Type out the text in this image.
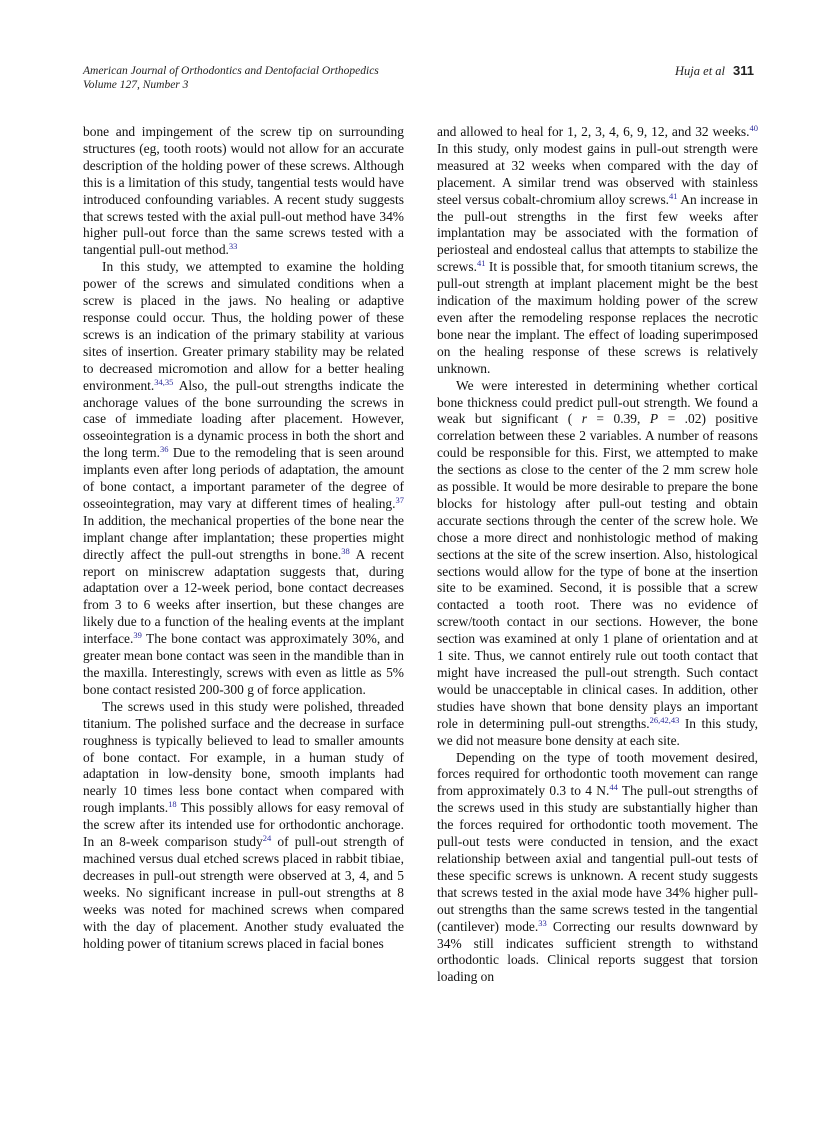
American Journal of Orthodontics and Dentofacial Orthopedics
Volume 127, Number 3
Huja et al 311

bone and impingement of the screw tip on surrounding structures (eg, tooth roots) would not allow for an accurate description of the holding power of these screws. Although this is a limitation of this study, tangential tests would have introduced confounding variables. A recent study suggests that screws tested with the axial pull-out method have 34% higher pull-out force than the same screws tested with a tangential pull-out method.$^{33}$

In this study, we attempted to examine the holding power of the screws and simulated conditions when a screw is placed in the jaws. No healing or adaptive response could occur. Thus, the holding power of these screws is an indication of the primary stability at various sites of insertion. Greater primary stability may be related to decreased micromotion and allow for a better healing environment.$^{34,35}$ Also, the pull-out strengths indicate the anchorage values of the bone surrounding the screws in case of immediate loading after placement. However, osseointegration is a dynamic process in both the short and the long term.$^{36}$ Due to the remodeling that is seen around implants even after long periods of adaptation, the amount of bone contact, a important parameter of the degree of osseointegration, may vary at different times of healing.$^{37}$ In addition, the mechanical properties of the bone near the implant change after implantation; these properties might directly affect the pull-out strengths in bone.$^{38}$ A recent report on miniscrew adaptation suggests that, during adaptation over a 12-week period, bone contact decreases from 3 to 6 weeks after insertion, but these changes are likely due to a function of the healing events at the implant interface.$^{39}$ The bone contact was approximately 30%, and greater mean bone contact was seen in the mandible than in the maxilla. Interestingly, screws with even as little as 5% bone contact resisted 200-300 g of force application.

The screws used in this study were polished, threaded titanium. The polished surface and the decrease in surface roughness is typically believed to lead to smaller amounts of bone contact. For example, in a human study of adaptation in low-density bone, smooth implants had nearly 10 times less bone contact when compared with rough implants.$^{18}$ This possibly allows for easy removal of the screw after its intended use for orthodontic anchorage. In an 8-week comparison study$^{24}$ of pull-out strength of machined versus dual etched screws placed in rabbit tibiae, decreases in pull-out strength were observed at 3, 4, and 5 weeks. No significant increase in pull-out strengths at 8 weeks was noted for machined screws when compared with the day of placement. Another study evaluated the holding power of titanium screws placed in facial bones

and allowed to heal for 1, 2, 3, 4, 6, 9, 12, and 32 weeks.$^{40}$ In this study, only modest gains in pull-out strength were measured at 32 weeks when compared with the day of placement. A similar trend was observed with stainless steel versus cobalt-chromium alloy screws.$^{41}$ An increase in the pull-out strengths in the first few weeks after implantation may be associated with the formation of periosteal and endosteal callus that attempts to stabilize the screws.$^{41}$ It is possible that, for smooth titanium screws, the pull-out strength at implant placement might be the best indication of the maximum holding power of the screw even after the remodeling response replaces the necrotic bone near the implant. The effect of loading superimposed on the healing response of these screws is relatively unknown.

We were interested in determining whether cortical bone thickness could predict pull-out strength. We found a weak but significant ( r = 0.39, P = .02) positive correlation between these 2 variables. A number of reasons could be responsible for this. First, we attempted to make the sections as close to the center of the 2 mm screw hole as possible. It would be more desirable to prepare the bone blocks for histology after pull-out testing and obtain accurate sections through the center of the screw hole. We chose a more direct and nonhistologic method of making sections at the site of the screw insertion. Also, histological sections would allow for the type of bone at the insertion site to be examined. Second, it is possible that a screw contacted a tooth root. There was no evidence of screw/tooth contact in our sections. However, the bone section was examined at only 1 plane of orientation and at 1 site. Thus, we cannot entirely rule out tooth contact that might have increased the pull-out strength. Such contact would be unacceptable in clinical cases. In addition, other studies have shown that bone density plays an important role in determining pull-out strengths.$^{26,42,43}$ In this study, we did not measure bone density at each site.

Depending on the type of tooth movement desired, forces required for orthodontic tooth movement can range from approximately 0.3 to 4 N.$^{44}$ The pull-out strengths of the screws used in this study are substantially higher than the forces required for orthodontic tooth movement. The pull-out tests were conducted in tension, and the exact relationship between axial and tangential pull-out tests of these specific screws is unknown. A recent study suggests that screws tested in the axial mode have 34% higher pull-out strengths than the same screws tested in the tangential (cantilever) mode.$^{33}$ Correcting our results downward by 34% still indicates sufficient strength to withstand orthodontic loads. Clinical reports suggest that torsion loading on
